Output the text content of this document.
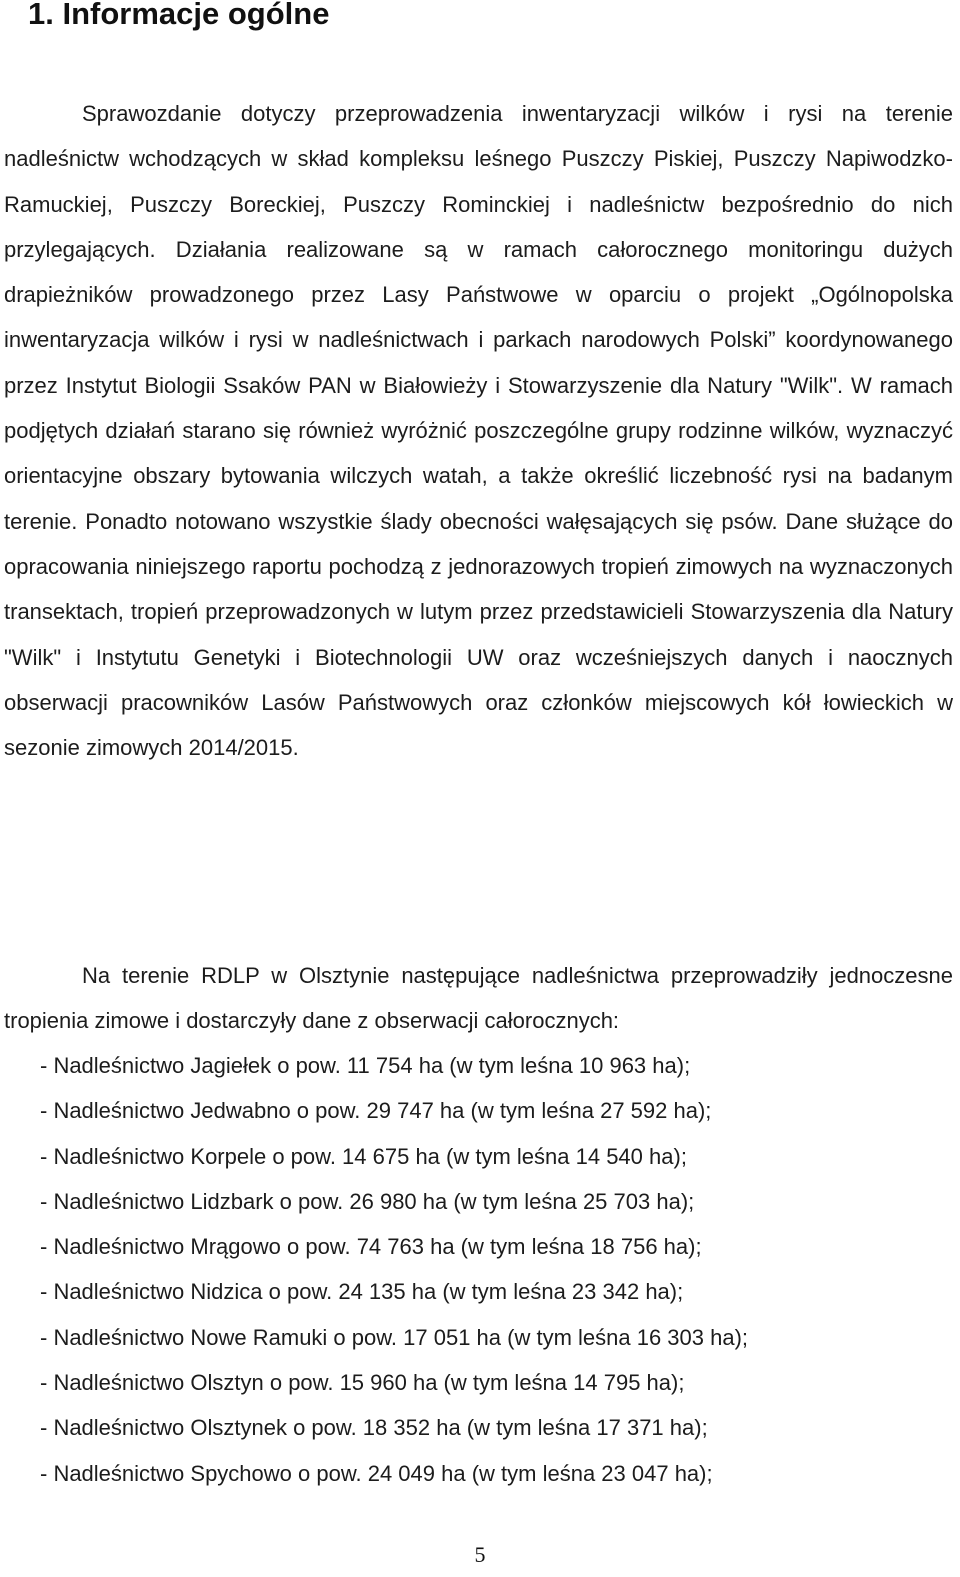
1. Informacje ogólne

Sprawozdanie dotyczy przeprowadzenia inwentaryzacji wilków i rysi na terenie nadleśnictw wchodzących w skład kompleksu leśnego Puszczy Piskiej, Puszczy Napiwodzko-Ramuckiej, Puszczy Boreckiej, Puszczy Rominckiej i nadleśnictw bezpośrednio do nich przylegających. Działania realizowane są w ramach całorocznego monitoringu dużych drapieżników prowadzonego przez Lasy Państwowe w oparciu o projekt „Ogólnopolska inwentaryzacja wilków i rysi w nadleśnictwach i parkach narodowych Polski” koordynowanego przez Instytut Biologii Ssaków PAN w Białowieży i Stowarzyszenie dla Natury "Wilk". W ramach podjętych działań starano się również wyróżnić poszczególne grupy rodzinne wilków, wyznaczyć orientacyjne obszary bytowania wilczych watah, a także określić liczebność rysi na badanym terenie. Ponadto notowano wszystkie ślady obecności wałęsających się psów. Dane służące do opracowania niniejszego raportu pochodzą z jednorazowych tropień zimowych na wyznaczonych transektach, tropień przeprowadzonych w lutym przez przedstawicieli Stowarzyszenia dla Natury "Wilk" i Instytutu Genetyki i Biotechnologii UW oraz wcześniejszych danych i naocznych obserwacji pracowników Lasów Państwowych oraz członków miejscowych kół łowieckich w sezonie zimowych 2014/2015.

Na terenie RDLP w Olsztynie następujące nadleśnictwa przeprowadziły jednoczesne tropienia zimowe i dostarczyły dane z obserwacji całorocznych:

- Nadleśnictwo Jagiełek o pow. 11 754 ha (w tym leśna 10 963 ha);
- Nadleśnictwo Jedwabno o pow. 29 747 ha (w tym leśna 27 592 ha);
- Nadleśnictwo Korpele o pow. 14 675 ha (w tym leśna 14 540 ha);
- Nadleśnictwo Lidzbark o pow. 26 980 ha (w tym leśna 25 703 ha);
- Nadleśnictwo Mrągowo o pow. 74 763 ha (w tym leśna 18 756 ha);
- Nadleśnictwo Nidzica o pow. 24 135 ha (w tym leśna 23 342 ha);
- Nadleśnictwo Nowe Ramuki o pow. 17 051 ha (w tym leśna 16 303 ha);
- Nadleśnictwo Olsztyn o pow. 15 960 ha (w tym leśna 14 795 ha);
- Nadleśnictwo Olsztynek o pow. 18 352 ha (w tym leśna 17 371 ha);
- Nadleśnictwo Spychowo o pow. 24 049 ha (w tym leśna 23 047 ha);
5
